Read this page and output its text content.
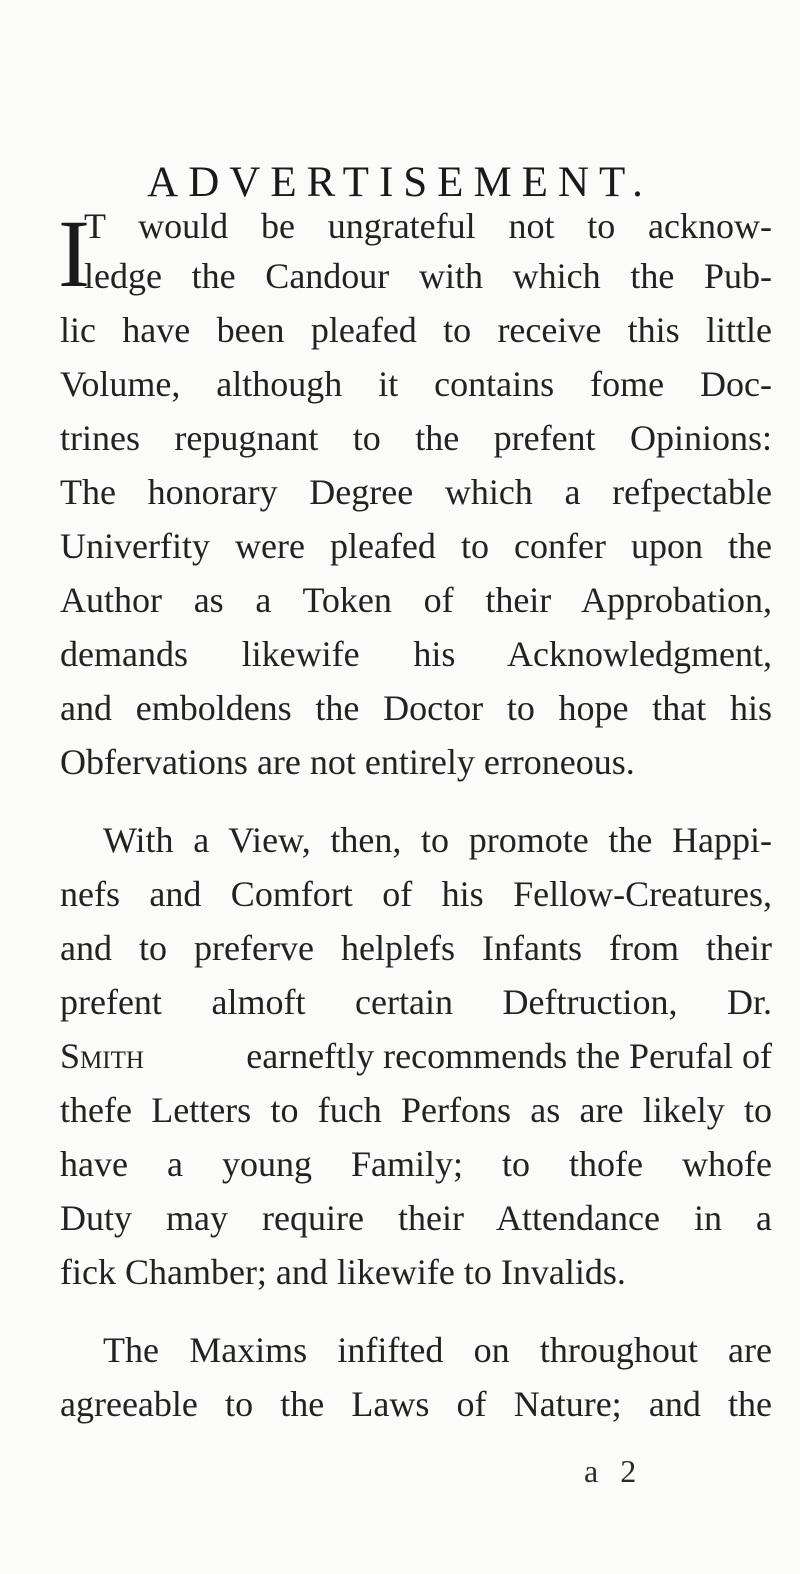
ADVERTISEMENT.
I
T would be ungrateful not to acknow-
ledge the Candour with which the Pub-
lic have been pleafed to receive this little
Volume, although it contains fome Doc-
trines repugnant to the prefent Opinions:
The honorary Degree which a refpectable
Univerfity were pleafed to confer upon the
Author as a Token of their Approbation,
demands likewife his Acknowledgment,
and emboldens the Doctor to hope that his
Obfervations are not entirely erroneous.
With a View, then, to promote the Happi-
nefs and Comfort of his Fellow-Creatures,
and to preferve helplefs Infants from their
prefent almoft certain Deftruction, Dr.
Smith	earneftly recommends the Perufal of
thefe Letters to fuch Perfons as are likely to
have a young Family; to thofe whofe
Duty may require their Attendance in a
fick Chamber; and likewife to Invalids.
The Maxims infifted on throughout are
agreeable to the Laws of Nature; and the
a 2
